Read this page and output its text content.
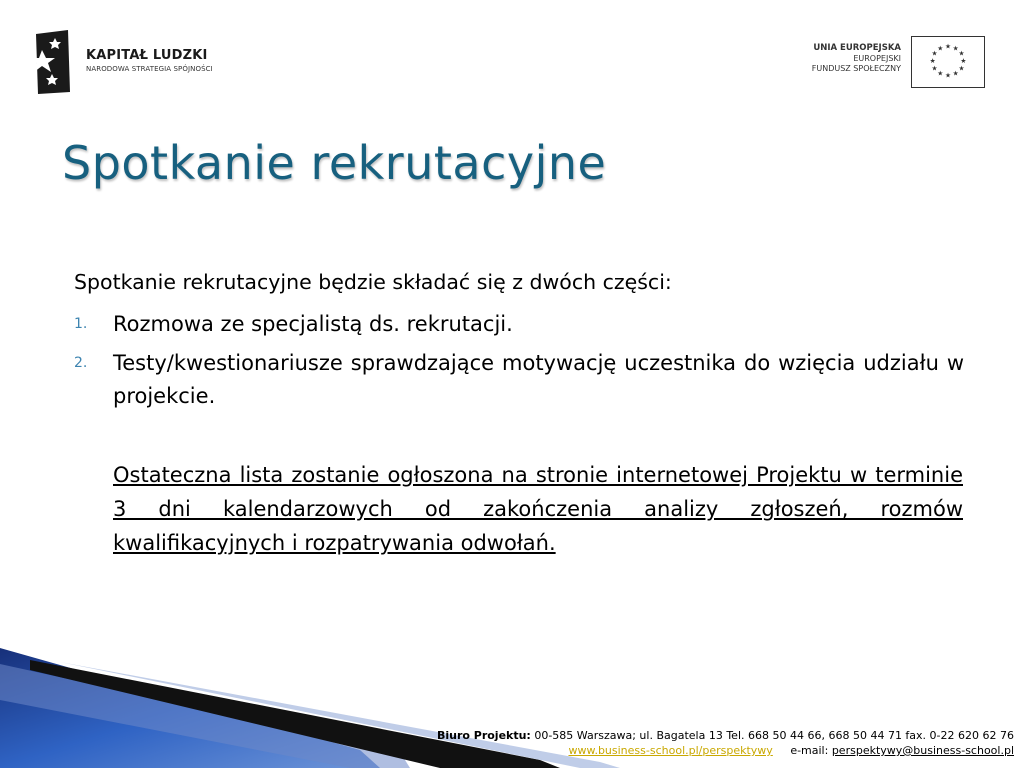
KAPITAŁ LUDZKI
NARODOWA STRATEGIA SPÓJNOŚCI
UNIA EUROPEJSKA
EUROPEJSKI
FUNDUSZ SPOŁECZNY
★ ★
★
★
★
★
★
★
★
★
★
★
Spotkanie rekrutacyjne

Spotkanie rekrutacyjne będzie składać się z dwóch części:

1. Rozmowa ze specjalistą ds. rekrutacji.
2. Testy/kwestionariusze sprawdzające motywację uczestnika do wzięcia udziału w projekcie.

Ostateczna lista zostanie ogłoszona na stronie internetowej Projektu w terminie 3 dni kalendarzowych od zakończenia analizy zgłoszeń, rozmów kwalifikacyjnych i rozpatrywania odwołań.

Biuro Projektu: 00-585 Warszawa; ul. Bagatela 13 Tel. 668 50 44 66, 668 50 44 71 fax. 0-22 620 62 76
www.business-school.pl/perspektywy e-mail: perspektywy@business-school.pl
